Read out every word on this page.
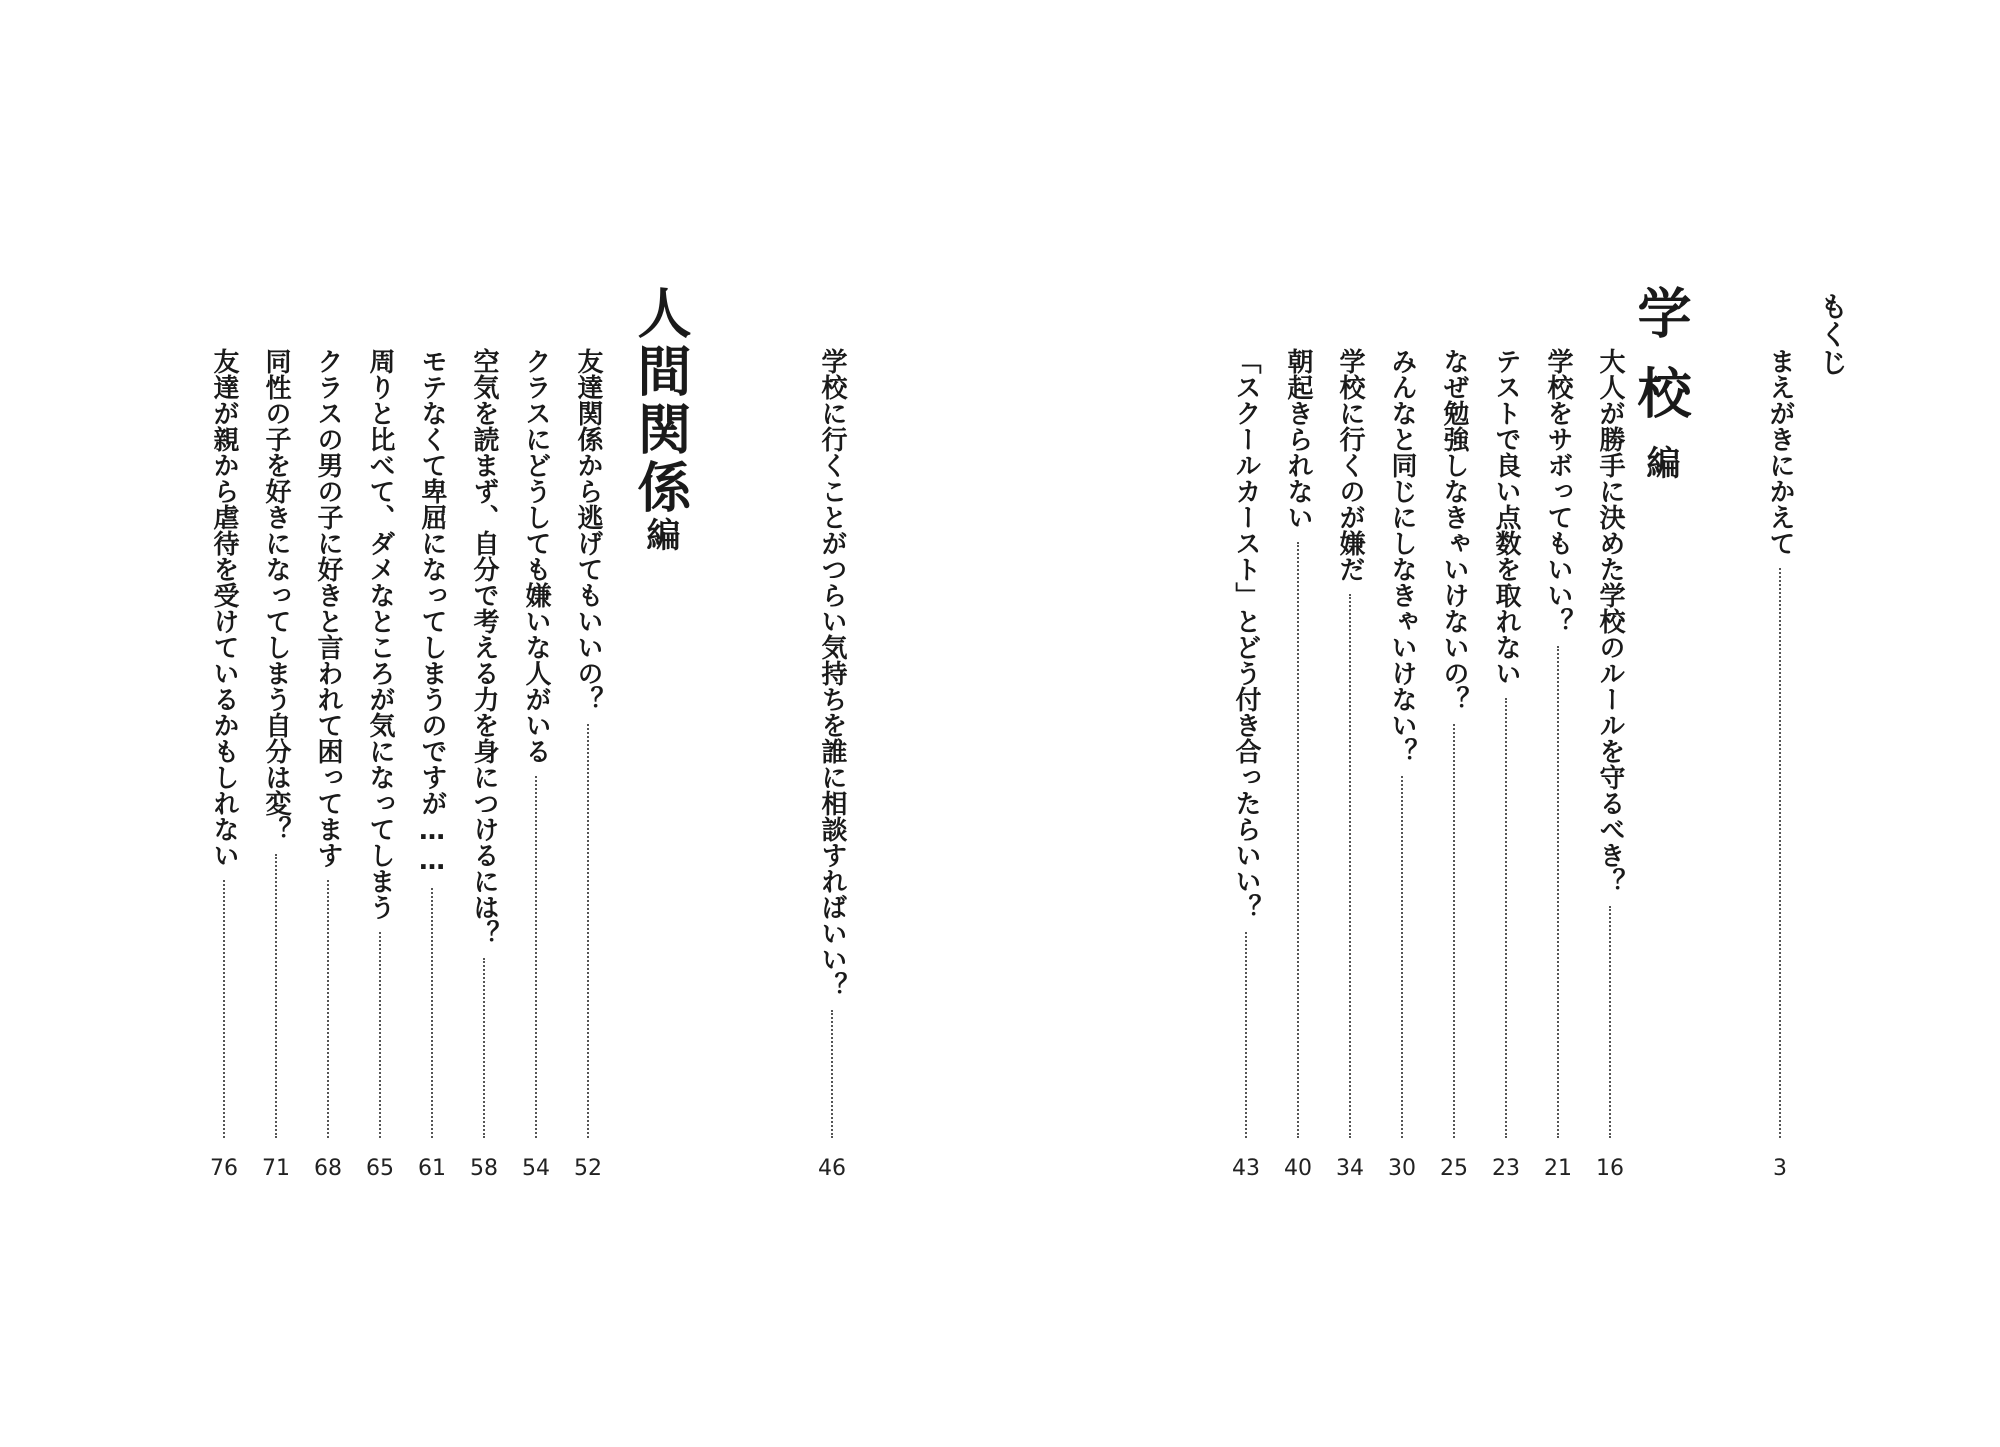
もくじ
まえがきにかえて
3
学校編
大人が勝手に決めた学校のルールを守るべき？
16
学校をサボってもいい？
21
テストで良い点数を取れない
23
なぜ勉強しなきゃいけないの？
25
みんなと同じにしなきゃいけない？
30
学校に行くのが嫌だ
34
朝起きられない
40
「スクールカースト」とどう付き合ったらいい？
43
学校に行くことがつらい気持ちを誰に相談すればいい？
46
人間関係編
友達関係から逃げてもいいの？
52
クラスにどうしても嫌いな人がいる
54
空気を読まず、自分で考える力を身につけるには？
58
モテなくて卑屈になってしまうのですが……
61
周りと比べて、ダメなところが気になってしまう
65
クラスの男の子に好きと言われて困ってます
68
同性の子を好きになってしまう自分は変？
71
友達が親から虐待を受けているかもしれない
76
